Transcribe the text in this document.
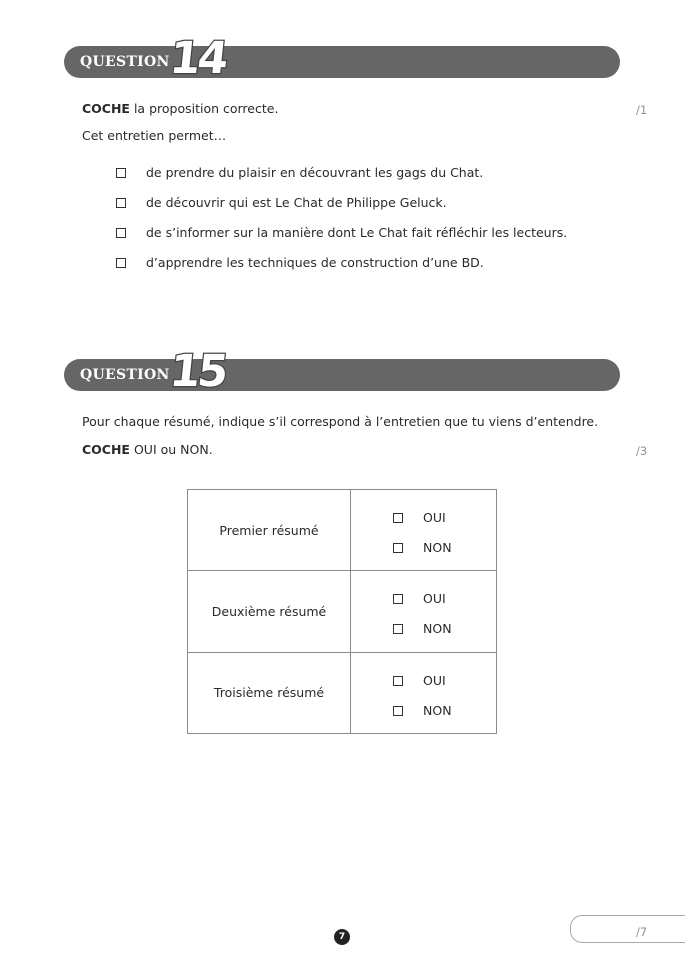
QUESTION
14
COCHE la proposition correcte.	/1
Cet entretien permet…
de prendre du plaisir en découvrant les gags du Chat.
de découvrir qui est Le Chat de Philippe Geluck.
de s’informer sur la manière dont Le Chat fait réfléchir les lecteurs.
d’apprendre les techniques de construction d’une BD.
QUESTION
15
Pour chaque résumé, indique s’il correspond à l’entretien que tu viens d’entendre.
COCHE OUI ou NON.	/3
Premier résumé	OUI
NON

Deuxième résumé	OUI
NON

Troisième résumé	OUI
NON
/7
7
